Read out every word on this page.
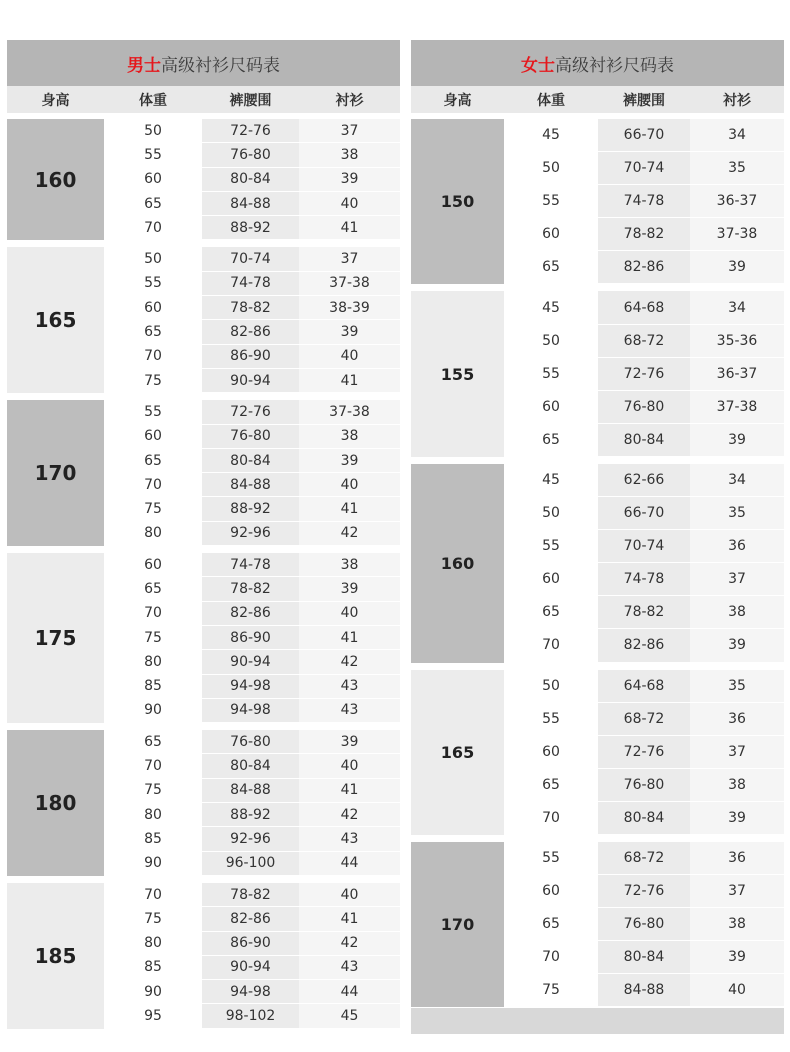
男士 高级衬衫尺码表
身高	体重	裤腰围	衬衫
160
50	72-76	37
55	76-80	38
60	80-84	39
65	84-88	40
70	88-92	41
165
50	70-74	37
55	74-78	37-38
60	78-82	38-39
65	82-86	39
70	86-90	40
75	90-94	41
170
55	72-76	37-38
60	76-80	38
65	80-84	39
70	84-88	40
75	88-92	41
80	92-96	42
175
60	74-78	38
65	78-82	39
70	82-86	40
75	86-90	41
80	90-94	42
85	94-98	43
90	94-98	43
180
65	76-80	39
70	80-84	40
75	84-88	41
80	88-92	42
85	92-96	43
90	96-100	44
185
70	78-82	40
75	82-86	41
80	86-90	42
85	90-94	43
90	94-98	44
95	98-102	45
女士 高级衬衫尺码表
身高	体重	裤腰围	衬衫
150
45	66-70	34
50	70-74	35
55	74-78	36-37
60	78-82	37-38
65	82-86	39
155
45	64-68	34
50	68-72	35-36
55	72-76	36-37
60	76-80	37-38
65	80-84	39
160
45	62-66	34
50	66-70	35
55	70-74	36
60	74-78	37
65	78-82	38
70	82-86	39
165
50	64-68	35
55	68-72	36
60	72-76	37
65	76-80	38
70	80-84	39
170
55	68-72	36
60	72-76	37
65	76-80	38
70	80-84	39
75	84-88	40
